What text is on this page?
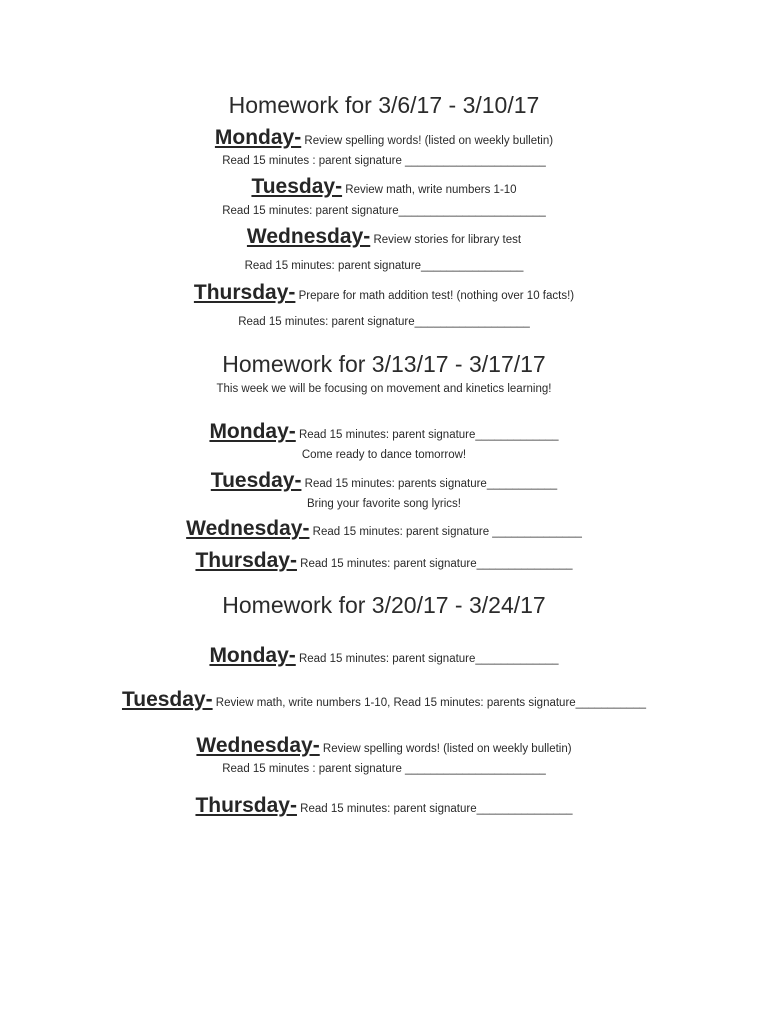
Homework for 3/6/17 - 3/10/17
Monday- Review spelling words! (listed on weekly bulletin)
Read 15 minutes : parent signature ______________________
Tuesday- Review math, write numbers 1-10
Read 15 minutes: parent signature_______________________
Wednesday- Review stories for library test
Read 15 minutes: parent signature________________
Thursday- Prepare for math addition test! (nothing over 10 facts!)
Read 15 minutes: parent signature__________________
Homework for 3/13/17 - 3/17/17
This week we will be focusing on movement and kinetics learning!
Monday- Read 15 minutes: parent signature_____________
Come ready to dance tomorrow!
Tuesday- Read 15 minutes: parents signature___________
Bring your favorite song lyrics!
Wednesday- Read 15 minutes: parent signature ______________
Thursday- Read 15 minutes: parent signature_______________
Homework for 3/20/17 - 3/24/17
Monday- Read 15 minutes: parent signature_____________
Tuesday- Review math, write numbers 1-10, Read 15 minutes: parents signature___________
Wednesday- Review spelling words! (listed on weekly bulletin)
Read 15 minutes : parent signature ______________________
Thursday- Read 15 minutes: parent signature_______________
